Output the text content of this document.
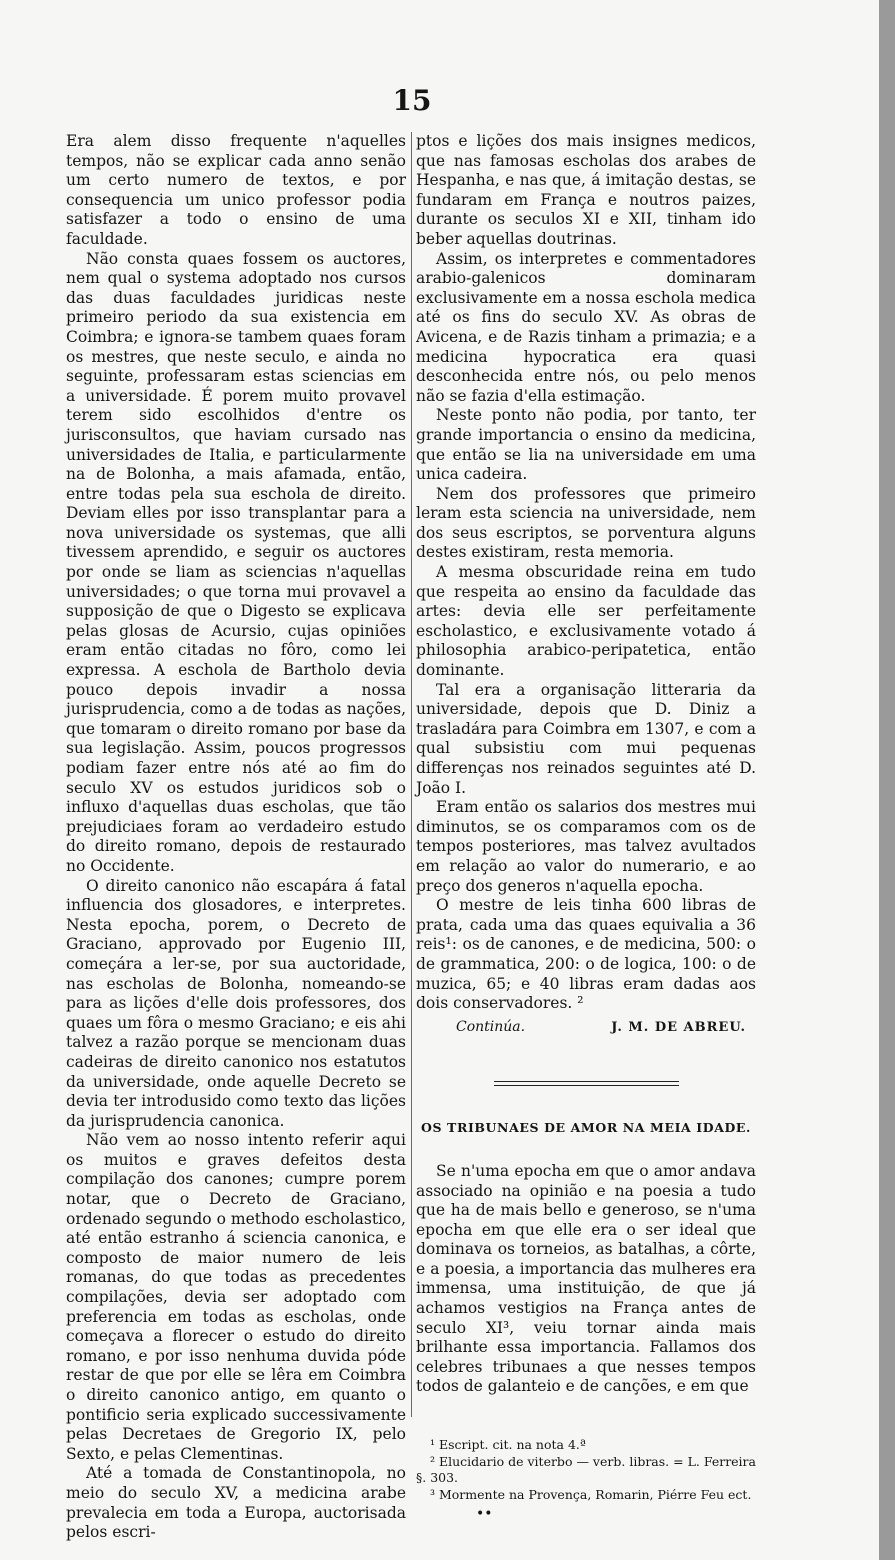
15

Era alem disso frequente n'aquelles tempos, não se explicar cada anno senão um certo numero de textos, e por consequencia um unico professor podia satisfazer a todo o ensino de uma faculdade.

Não consta quaes fossem os auctores, nem qual o systema adoptado nos cursos das duas faculdades juridicas neste primeiro periodo da sua existencia em Coimbra; e ignora-se tambem quaes foram os mestres, que neste seculo, e ainda no seguinte, professaram estas sciencias em a universidade. É porem muito provavel terem sido escolhidos d'entre os jurisconsultos, que haviam cursado nas universidades de Italia, e particularmente na de Bolonha, a mais afamada, então, entre todas pela sua escholа de direito. Deviam elles por isso transplantar para a nova universidade os systemas, que alli tivessem aprendido, e seguir os auctores por onde se liam as sciencias n'aquellas universidades; o que torna mui provavel a supposição de que o Digesto se explicava pelas glosas de Acursio, cujas opiniões eram então citadas no fôro, como lei expressa. A eschola de Bartholo devia pouco depois invadir a nossa jurisprudencia, como a de todas as nações, que tomaram o direito romano por base da sua legislação. Assim, poucos progressos podiam fazer entre nós até ao fim do seculo XV os estudos juridicos sob o influxo d'aquellas duas escholas, que tão prejudiciaes foram ao verdadeiro estudo do direito romano, depois de restaurado no Occidente.

O direito canonico não escapára á fatal influencia dos glosadores, e interpretes. Nesta epocha, porem, o Decreto de Graciano, approvado por Eugenio III, começára a ler-se, por sua auctoridade, nas escholas de Bolonha, nomeando-se para as lições d'elle dois professores, dos quaes um fôra o mesmo Graciano; e eis ahi talvez a razão porque se mencionam duas cadeiras de direito canonico nos estatutos da universidade, onde aquelle Decreto se devia ter introdusido como texto das lições da jurisprudencia canonica.

Não vem ao nosso intento referir aqui os muitos e graves defeitos desta compilação dos canones; cumpre porem notar, que o Decreto de Graciano, ordenado segundo o methodo escholastico, até então estranho á sciencia canonica, e composto de maior numero de leis romanas, do que todas as precedentes compilações, devia ser adoptado com preferencia em todas as escholas, onde começava a florecer o estudo do direito romano, e por isso nenhuma duvida póde restar de que por elle se lêra em Coimbra o direito canonico antigo, em quanto o pontificio seria explicado successivamente pelas Decretaes de Gregorio IX, pelo Sexto, e pelas Clementinas.

Até a tomada de Constantinopola, no meio do seculo XV, a medicina arabe prevalecia em toda a Europa, auctorisada pelos escri-

ptos e lições dos mais insignes medicos, que nas famosas escholas dos arabes de Hespanha, e nas que, á imitação destas, se fundaram em França e noutros paizes, durante os seculos XI e XII, tinham ido beber aquellas doutrinas.

Assim, os interpretes e commentadores arabio-galenicos dominaram exclusivamente em a nossa eschola medica até os fins do seculo XV. As obras de Avicena, e de Razis tinham a primazia; e a medicina hypocratica era quasi desconhecida entre nós, ou pelo menos não se fazia d'ella estimação.

Neste ponto não podia, por tanto, ter grande importancia o ensino da medicina, que então se lia na universidade em uma unica cadeira.

Nem dos professores que primeiro leram esta sciencia na universidade, nem dos seus escriptos, se porventura alguns destes existiram, resta memoria.

A mesma obscuridade reina em tudo que respeita ao ensino da faculdade das artes: devia elle ser perfeitamente escholastico, e exclusivamente votado á philosophia arabico-peripatetica, então dominante.

Tal era a organisação litteraria da universidade, depois que D. Diniz a trasladára para Coimbra em 1307, e com a qual subsistiu com mui pequenas differenças nos reinados seguintes até D. João I.

Eram então os salarios dos mestres mui diminutos, se os comparamos com os de tempos posteriores, mas talvez avultados em relação ao valor do numerario, e ao preço dos generos n'aquella epocha.

O mestre de leis tinha 600 libras de prata, cada uma das quaes equivalia a 36 reis¹: os de canones, e de medicina, 500: o de grammatica, 200: o de logica, 100: o de muzica, 65; e 40 libras eram dadas aos dois conservadores. ²

Continúa.	J. M. DE ABREU.

OS TRIBUNAES DE AMOR NA MEIA IDADE.

Se n'uma epocha em que o amor andava associado na opinião e na poesia a tudo que ha de mais bello e generoso, se n'uma epocha em que elle era o ser ideal que dominava os torneios, as batalhas, a côrte, e a poesia, a importancia das mulheres era immensa, uma instituição, de que já achamos vestigios na França antes de seculo XI³, veiu tornar ainda mais brilhante essa importancia. Fallamos dos celebres tribunaes a que nesses tempos todos de galanteio e de canções, e em que

¹ Escript. cit. na nota 4.ª

² Elucidario de viterbo — verb. libras. = L. Ferreira §. 303.

³ Mormente na Provença, Romarin, Piérre Feu ect.

••
